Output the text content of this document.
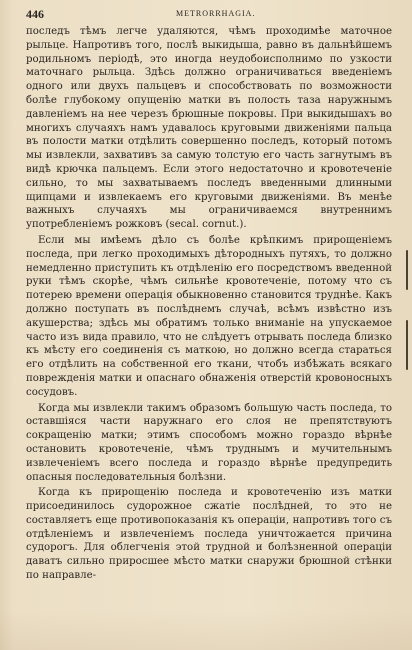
446	METRORRHAGIA.

последъ тѣмъ легче удаляются, чѣмъ проходимѣе маточное рыльце. Напротивъ того, послѣ выкидыша, равно въ дальнѣйшемъ родильномъ періодѣ, это иногда неудобоисполнимо по узкости маточнаго рыльца. Здѣсь должно ограничиваться введеніемъ одного или двухъ пальцевъ и способствовать по возможности болѣе глубокому опущенію матки въ полость таза наружнымъ давленіемъ на нее черезъ брюшные покровы. При выкидышахъ во многихъ случаяхъ намъ удавалось круговыми движеніями пальца въ полости матки отдѣлить совершенно последъ, который потомъ мы извлекли, захвативъ за самую толстую его часть загнутымъ въ видѣ крючка пальцемъ. Если этого недостаточно и кровотеченіе сильно, то мы захватываемъ последъ введенными длинными щипцами и извлекаемъ его круговыми движеніями. Въ менѣе важныхъ случаяхъ мы ограничиваемся внутреннимъ употребленіемъ рожковъ (secal. cornut.).

Если мы имѣемъ дѣло съ болѣе крѣпкимъ прирощеніемъ последа, при легко проходимыхъ дѣтородныхъ путяхъ, то должно немедленно приступить къ отдѣленію его посредствомъ введенной руки тѣмъ скорѣе, чѣмъ сильнѣе кровотеченіе, потому что съ потерею времени операція обыкновенно становится труднѣе. Какъ должно поступать въ послѣднемъ случаѣ, всѣмъ извѣстно изъ акушерства; здѣсь мы обратимъ только вниманіе на упускаемое часто изъ вида правило, что не слѣдуетъ отрывать последа близко къ мѣсту его соединенія съ маткою, но должно всегда стараться его отдѣлить на собственной его ткани, чтобъ избѣжать всякаго поврежденія матки и опаснаго обнаженія отверстій кровоносныхъ сосудовъ.

Когда мы извлекли такимъ образомъ большую часть последа, то оставшіяся части наружнаго его слоя не препятствуютъ сокращенію матки; этимъ способомъ можно гораздо вѣрнѣе остановить кровотеченіе, чѣмъ труднымъ и мучительнымъ извлеченіемъ всего последа и гораздо вѣрнѣе предупредить опасныя последовательныя болѣзни.

Когда къ прирощенію последа и кровотеченію изъ матки присоединилось судорожное сжатіе послѣдней, то это не составляетъ еще противопоказанія къ операціи, напротивъ того съ отдѣленіемъ и извлеченіемъ последа уничтожается причина судорогъ. Для облегченія этой трудной и болѣзненной операціи даватъ сильно приросшее мѣсто матки снаружи брюшной стѣнки по направле-
